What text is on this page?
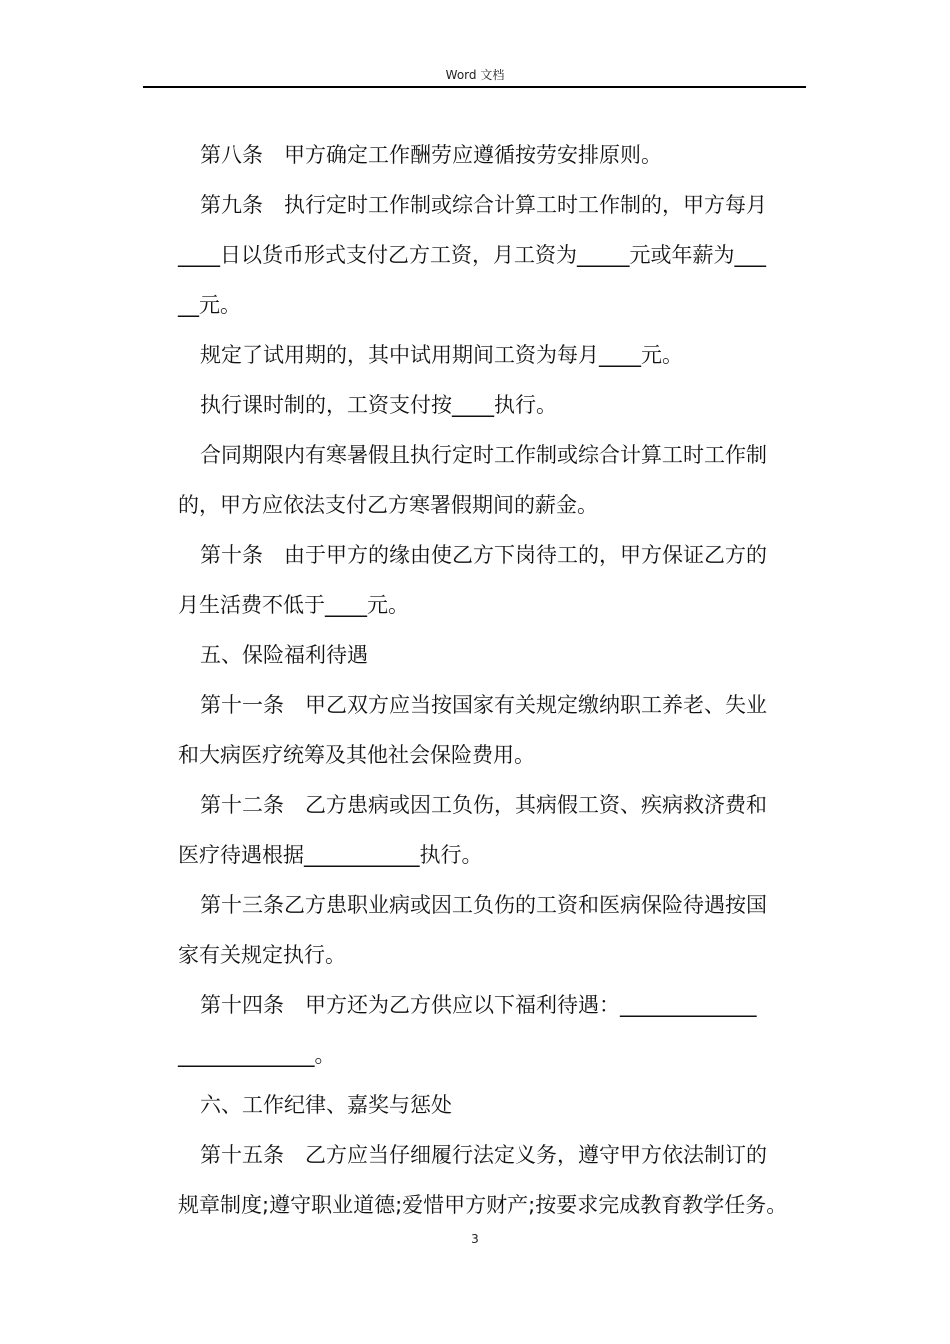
Word 文档

第八条　甲方确定工作酬劳应遵循按劳安排原则。

第九条　执行定时工作制或综合计算工时工作制的，甲方每月
____日以货币形式支付乙方工资，月工资为_____元或年薪为___
__元。

规定了试用期的，其中试用期间工资为每月____元。

执行课时制的，工资支付按____执行。

合同期限内有寒暑假且执行定时工作制或综合计算工时工作制
的，甲方应依法支付乙方寒署假期间的薪金。

第十条　由于甲方的缘由使乙方下岗待工的，甲方保证乙方的
月生活费不低于____元。

五、保险福利待遇

第十一条　甲乙双方应当按国家有关规定缴纳职工养老、失业
和大病医疗统筹及其他社会保险费用。

第十二条　乙方患病或因工负伤，其病假工资、疾病救济费和
医疗待遇根据___________执行。

第十三条乙方患职业病或因工负伤的工资和医病保险待遇按国
家有关规定执行。

第十四条　甲方还为乙方供应以下福利待遇：_____________
_____________。

六、工作纪律、嘉奖与惩处

第十五条　乙方应当仔细履行法定义务，遵守甲方依法制订的
规章制度;遵守职业道德;爱惜甲方财产;按要求完成教育教学任务。

3
